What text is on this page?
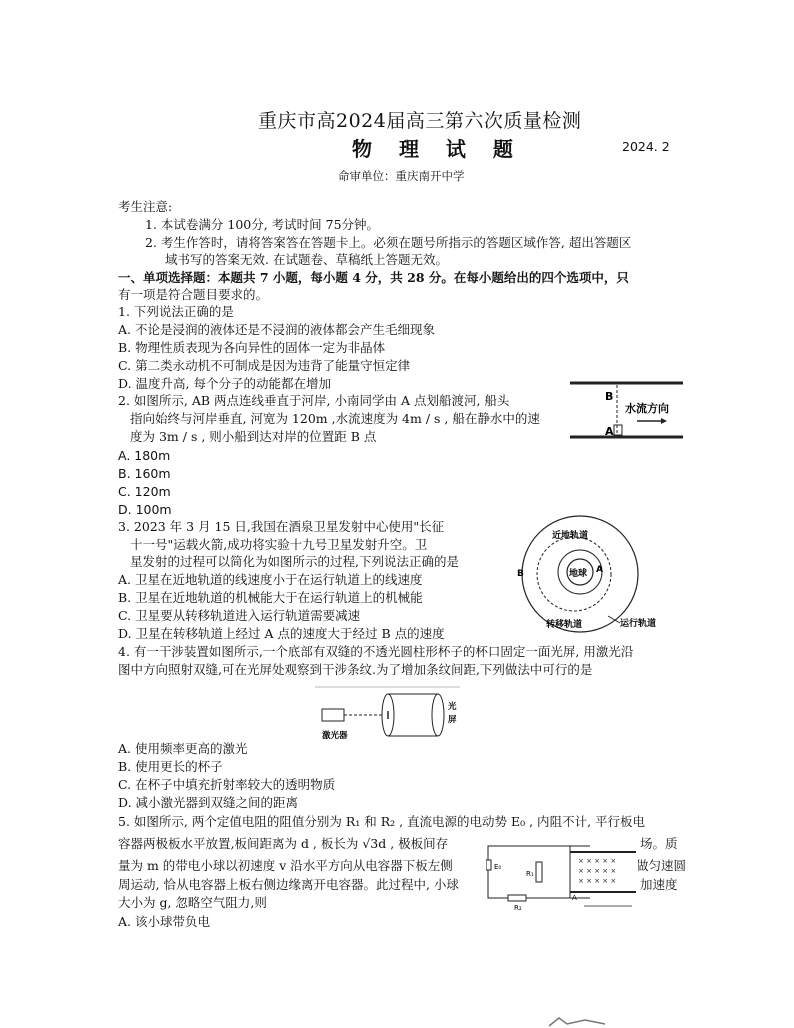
重庆市高2024届高三第六次质量检测
物 理 试 题	2024. 2
命审单位：重庆南开中学
考生注意:
1. 本试卷满分 100分, 考试时间 75分钟。
2. 考生作答时，请将答案答在答题卡上。必须在题号所指示的答题区域作答, 超出答题区
域书写的答案无效. 在试题卷、草稿纸上答题无效。
一、单项选择题：本题共 7 小题，每小题 4 分，共 28 分。在每小题给出的四个选项中，只
有一项是符合题目要求的。
1. 下列说法正确的是
A. 不论是浸润的液体还是不浸润的液体都会产生毛细现象
B. 物理性质表现为各向异性的固体一定为非晶体
C. 第二类永动机不可制成是因为违背了能量守恒定律
D. 温度升高, 每个分子的动能都在增加
2. 如图所示, AB 两点连线垂直于河岸, 小南同学由 A 点划船渡河, 船头
指向始终与河岸垂直, 河宽为 120m ,水流速度为 4m / s , 船在静水中的速
度为 3m / s , 则小船到达对岸的位置距 B 点
A. 180m
B. 160m
C. 120m
D. 100m
B
A
水流方向
3. 2023 年 3 月 15 日,我国在酒泉卫星发射中心使用"长征
十一号"运载火箭,成功将实验十九号卫星发射升空。卫
星发射的过程可以简化为如图所示的过程,下列说法正确的是
A. 卫星在近地轨道的线速度小于在运行轨道上的线速度
B. 卫星在近地轨道的机械能大于在运行轨道上的机械能
C. 卫星要从转移轨道进入运行轨道需要减速
D. 卫星在转移轨道上经过 A 点的速度大于经过 B 点的速度
地球
近地轨道
转移轨道	运行轨道
A
B
4. 有一干涉装置如图所示,一个底部有双缝的不透光圆柱形杯子的杯口固定一面光屏, 用激光沿
图中方向照射双缝,可在光屏处观察到干涉条纹.为了增加条纹间距,下列做法中可行的是
激光器
光
屏
A. 使用频率更高的激光
B. 使用更长的杯子
C. 在杯子中填充折射率较大的透明物质
D. 减小激光器到双缝之间的距离
5. 如图所示, 两个定值电阻的阻值分别为 R₁ 和 R₂ , 直流电源的电动势 E₀ , 内阻不计, 平行板电
容器两极板水平放置,板间距离为 d , 板长为 √3d , 极板间存	场。质
量为 m 的带电小球以初速度 v 沿水平方向从电容器下板左侧	做匀速圆
周运动, 恰从电容器上板右侧边缘离开电容器。此过程中, 小球	加速度
大小为 g, 忽略空气阻力,则
A. 该小球带负电
E₀
R₁
R₂
× × × × ×
× × × × ×
× × × × ×
A
